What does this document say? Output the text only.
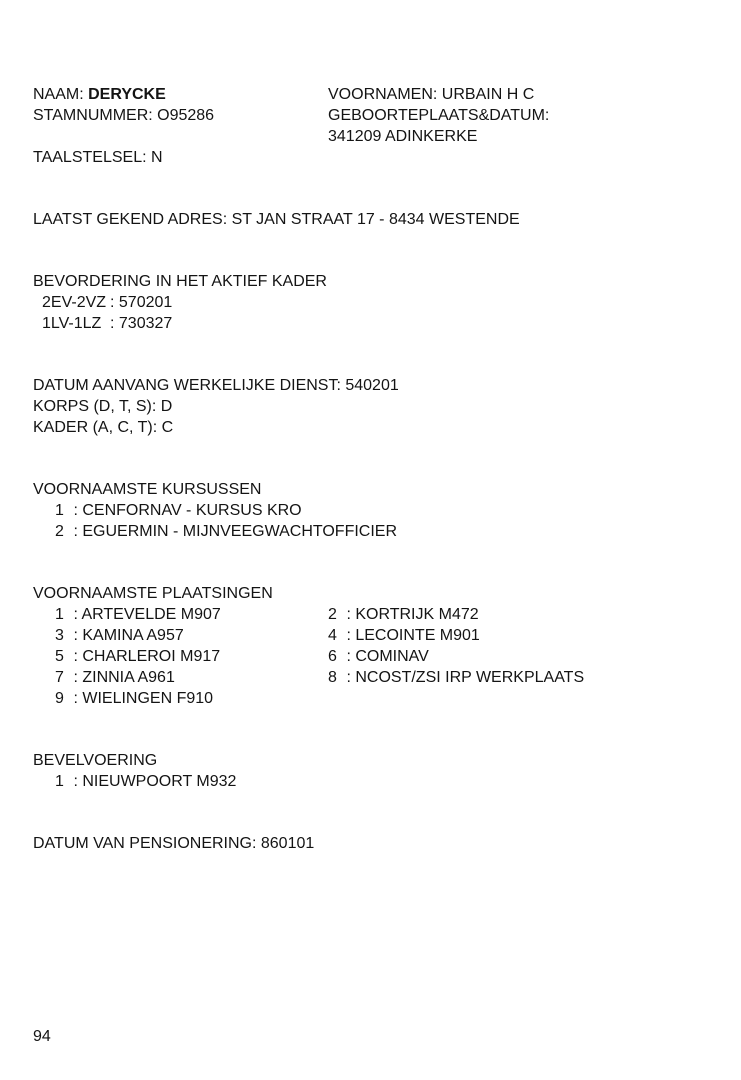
NAAM: DERYCKE	VOORNAMEN: URBAIN H C
STAMNUMMER: O95286	GEBOORTEPLAATS&DATUM:
341209 ADINKERKE
TAALSTELSEL: N
LAATST GEKEND ADRES: ST JAN STRAAT 17 - 8434 WESTENDE
BEVORDERING IN HET AKTIEF KADER
2EV-2VZ : 570201
1LV-1LZ : 730327
DATUM AANVANG WERKELIJKE DIENST: 540201
KORPS (D, T, S): D
KADER (A, C, T): C
VOORNAAMSTE KURSUSSEN
1 : CENFORNAV - KURSUS KRO
2 : EGUERMIN - MIJNVEEGWACHTOFFICIER
VOORNAAMSTE PLAATSINGEN
1 : ARTEVELDE M907
3 : KAMINA A957
5 : CHARLEROI M917
7 : ZINNIA A961
9 : WIELINGEN F910
2 : KORTRIJK M472
4 : LECOINTE M901
6 : COMINAV
8 : NCOST/ZSI IRP WERKPLAATS
BEVELVOERING
1 : NIEUWPOORT M932
DATUM VAN PENSIONERING: 860101
94
